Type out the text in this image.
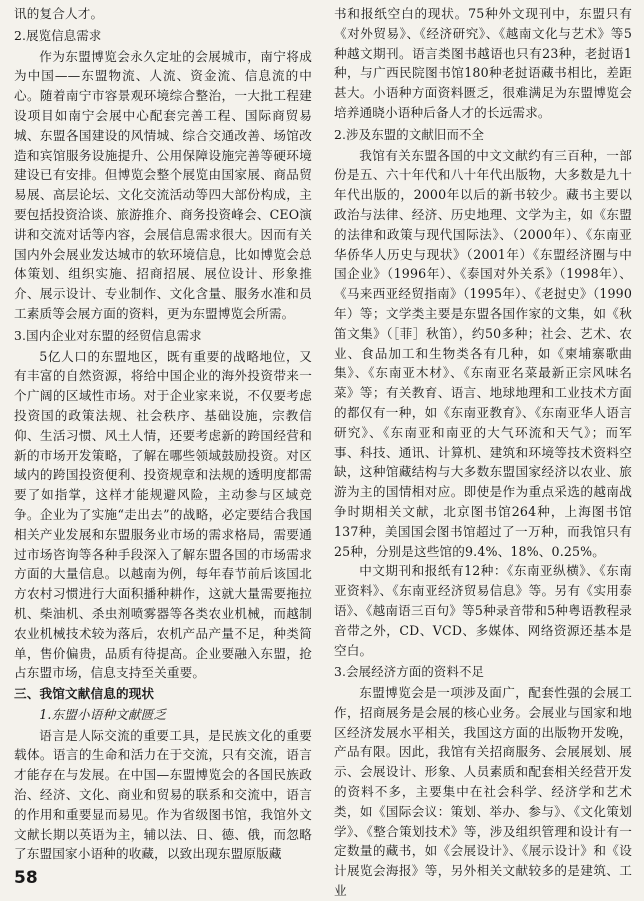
讯的复合人才。

2.展览信息需求

作为东盟博览会永久定址的会展城市，南宁将成为中国——东盟物流、人流、资金流、信息流的中心。随着南宁市容景观环境综合整治，一大批工程建设项目如南宁会展中心配套完善工程、国际商贸易城、东盟各国建设的风情城、综合交通改善、场馆改造和宾馆服务设施提升、公用保障设施完善等硬环境建设已有安排。但博览会整个展览由国家展、商品贸易展、高层论坛、文化交流活动等四大部份构成，主要包括投资洽谈、旅游推介、商务投资峰会、CEO演讲和交流对话等内容，会展信息需求很大。因而有关国内外会展业发达城市的软环境信息，比如博览会总体策划、组织实施、招商招展、展位设计、形象推介、展示设计、专业制作、文化含量、服务水准和员工素质等会展方面的资料，更为东盟博览会所需。

3.国内企业对东盟的经贸信息需求

5亿人口的东盟地区，既有重要的战略地位，又有丰富的自然资源，将给中国企业的海外投资带来一个广阔的区域性市场。对于企业家来说，不仅要考虑投资国的政策法规、社会秩序、基础设施，宗教信仰、生活习惯、风土人情，还要考虑新的跨国经营和新的市场开发策略，了解在哪些领域鼓励投资。对区域内的跨国投资便利、投资规章和法规的透明度都需要了如指掌，这样才能规避风险，主动参与区域竞争。企业为了实施“走出去”的战略，必定要结合我国相关产业发展和东盟服务业市场的需求格局，需要通过市场咨询等各种手段深入了解东盟各国的市场需求方面的大量信息。以越南为例，每年春节前后该国北方农村习惯进行大面积播种耕作，这就大量需要拖拉机、柴油机、杀虫剂喷雾器等各类农业机械，而越制农业机械技术较为落后，农机产品产量不足，种类简单，售价偏贵，品质有待提高。企业要融入东盟，抢占东盟市场，信息支持至关重要。

三、我馆文献信息的现状
1.东盟小语种文献匮乏

语言是人际交流的重要工具，是民族文化的重要载体。语言的生命和活力在于交流，只有交流，语言才能存在与发展。在中国—东盟博览会的各国民族政治、经济、文化、商业和贸易的联系和交流中，语言的作用和重要显而易见。作为省级图书馆，我馆外文文献长期以英语为主，辅以法、日、德、俄，而忽略了东盟国家小语种的收藏，以致出现东盟原版藏

书和报纸空白的现状。75种外文现刊中，东盟只有《对外贸易》、《经济研究》、《越南文化与艺术》等5种越文期刊。语言类图书越语也只有23种，老挝语1种，与广西民院图书馆180种老挝语藏书相比，差距甚大。小语种方面资料匮乏，很难满足为东盟博览会培养通晓小语种后备人才的长远需求。

2.涉及东盟的文献旧而不全

我馆有关东盟各国的中文文献约有三百种，一部份是五、六十年代和八十年代出版物，大多数是九十年代出版的，2000年以后的新书较少。藏书主要以政治与法律、经济、历史地理、文学为主，如《东盟的法律和政策与现代国际法》、（2000年）、《东南亚华侨华人历史与现状》（2001年）《东盟经济圈与中国企业》（1996年）、《泰国对外关系》（1998年）、《马来西亚经贸指南》（1995年）、《老挝史》（1990年）等；文学类主要是东盟各国作家的文集，如《秋笛文集》（［菲］秋笛），约50多种；社会、艺术、农业、食品加工和生物类各有几种，如《柬埔寨歌曲集》、《东南亚木材》、《东南亚名菜最新正宗风味名菜》等；有关教育、语言、地球地理和工业技术方面的都仅有一种，如《东南亚教育》、《东南亚华人语言研究》、《东南亚和南亚的大气环流和天气》；而军事、科技、通讯、计算机、建筑和环境等技术资料空缺，这种馆藏结构与大多数东盟国家经济以农业、旅游为主的国情相对应。即使是作为重点采选的越南战争时期相关文献，北京图书馆264种，上海图书馆137种，美国国会图书馆超过了一万种，而我馆只有25种，分别是这些馆的9.4%、18%、0.25%。

中文期刊和报纸有12种：《东南亚纵横》、《东南亚资料》、《东南亚经济贸易信息》等。另有《实用泰语》、《越南语三百句》等5种录音带和5种粤语教程录音带之外，CD、VCD、多媒体、网络资源还基本是空白。

3.会展经济方面的资料不足

东盟博览会是一项涉及面广，配套性强的会展工作，招商展务是会展的核心业务。会展业与国家和地区经济发展水平相关，我国这方面的出版物开发晚，产品有限。因此，我馆有关招商服务、会展展划、展示、会展设计、形象、人员素质和配套相关经营开发的资料不多，主要集中在社会科学、经济学和艺术类，如《国际会议：策划、举办、参与》、《文化策划学》、《整合策划技术》等，涉及组织管理和设计有一定数量的藏书，如《会展设计》、《展示设计》和《设计展览会海报》等，另外相关文献较多的是建筑、工业

58
